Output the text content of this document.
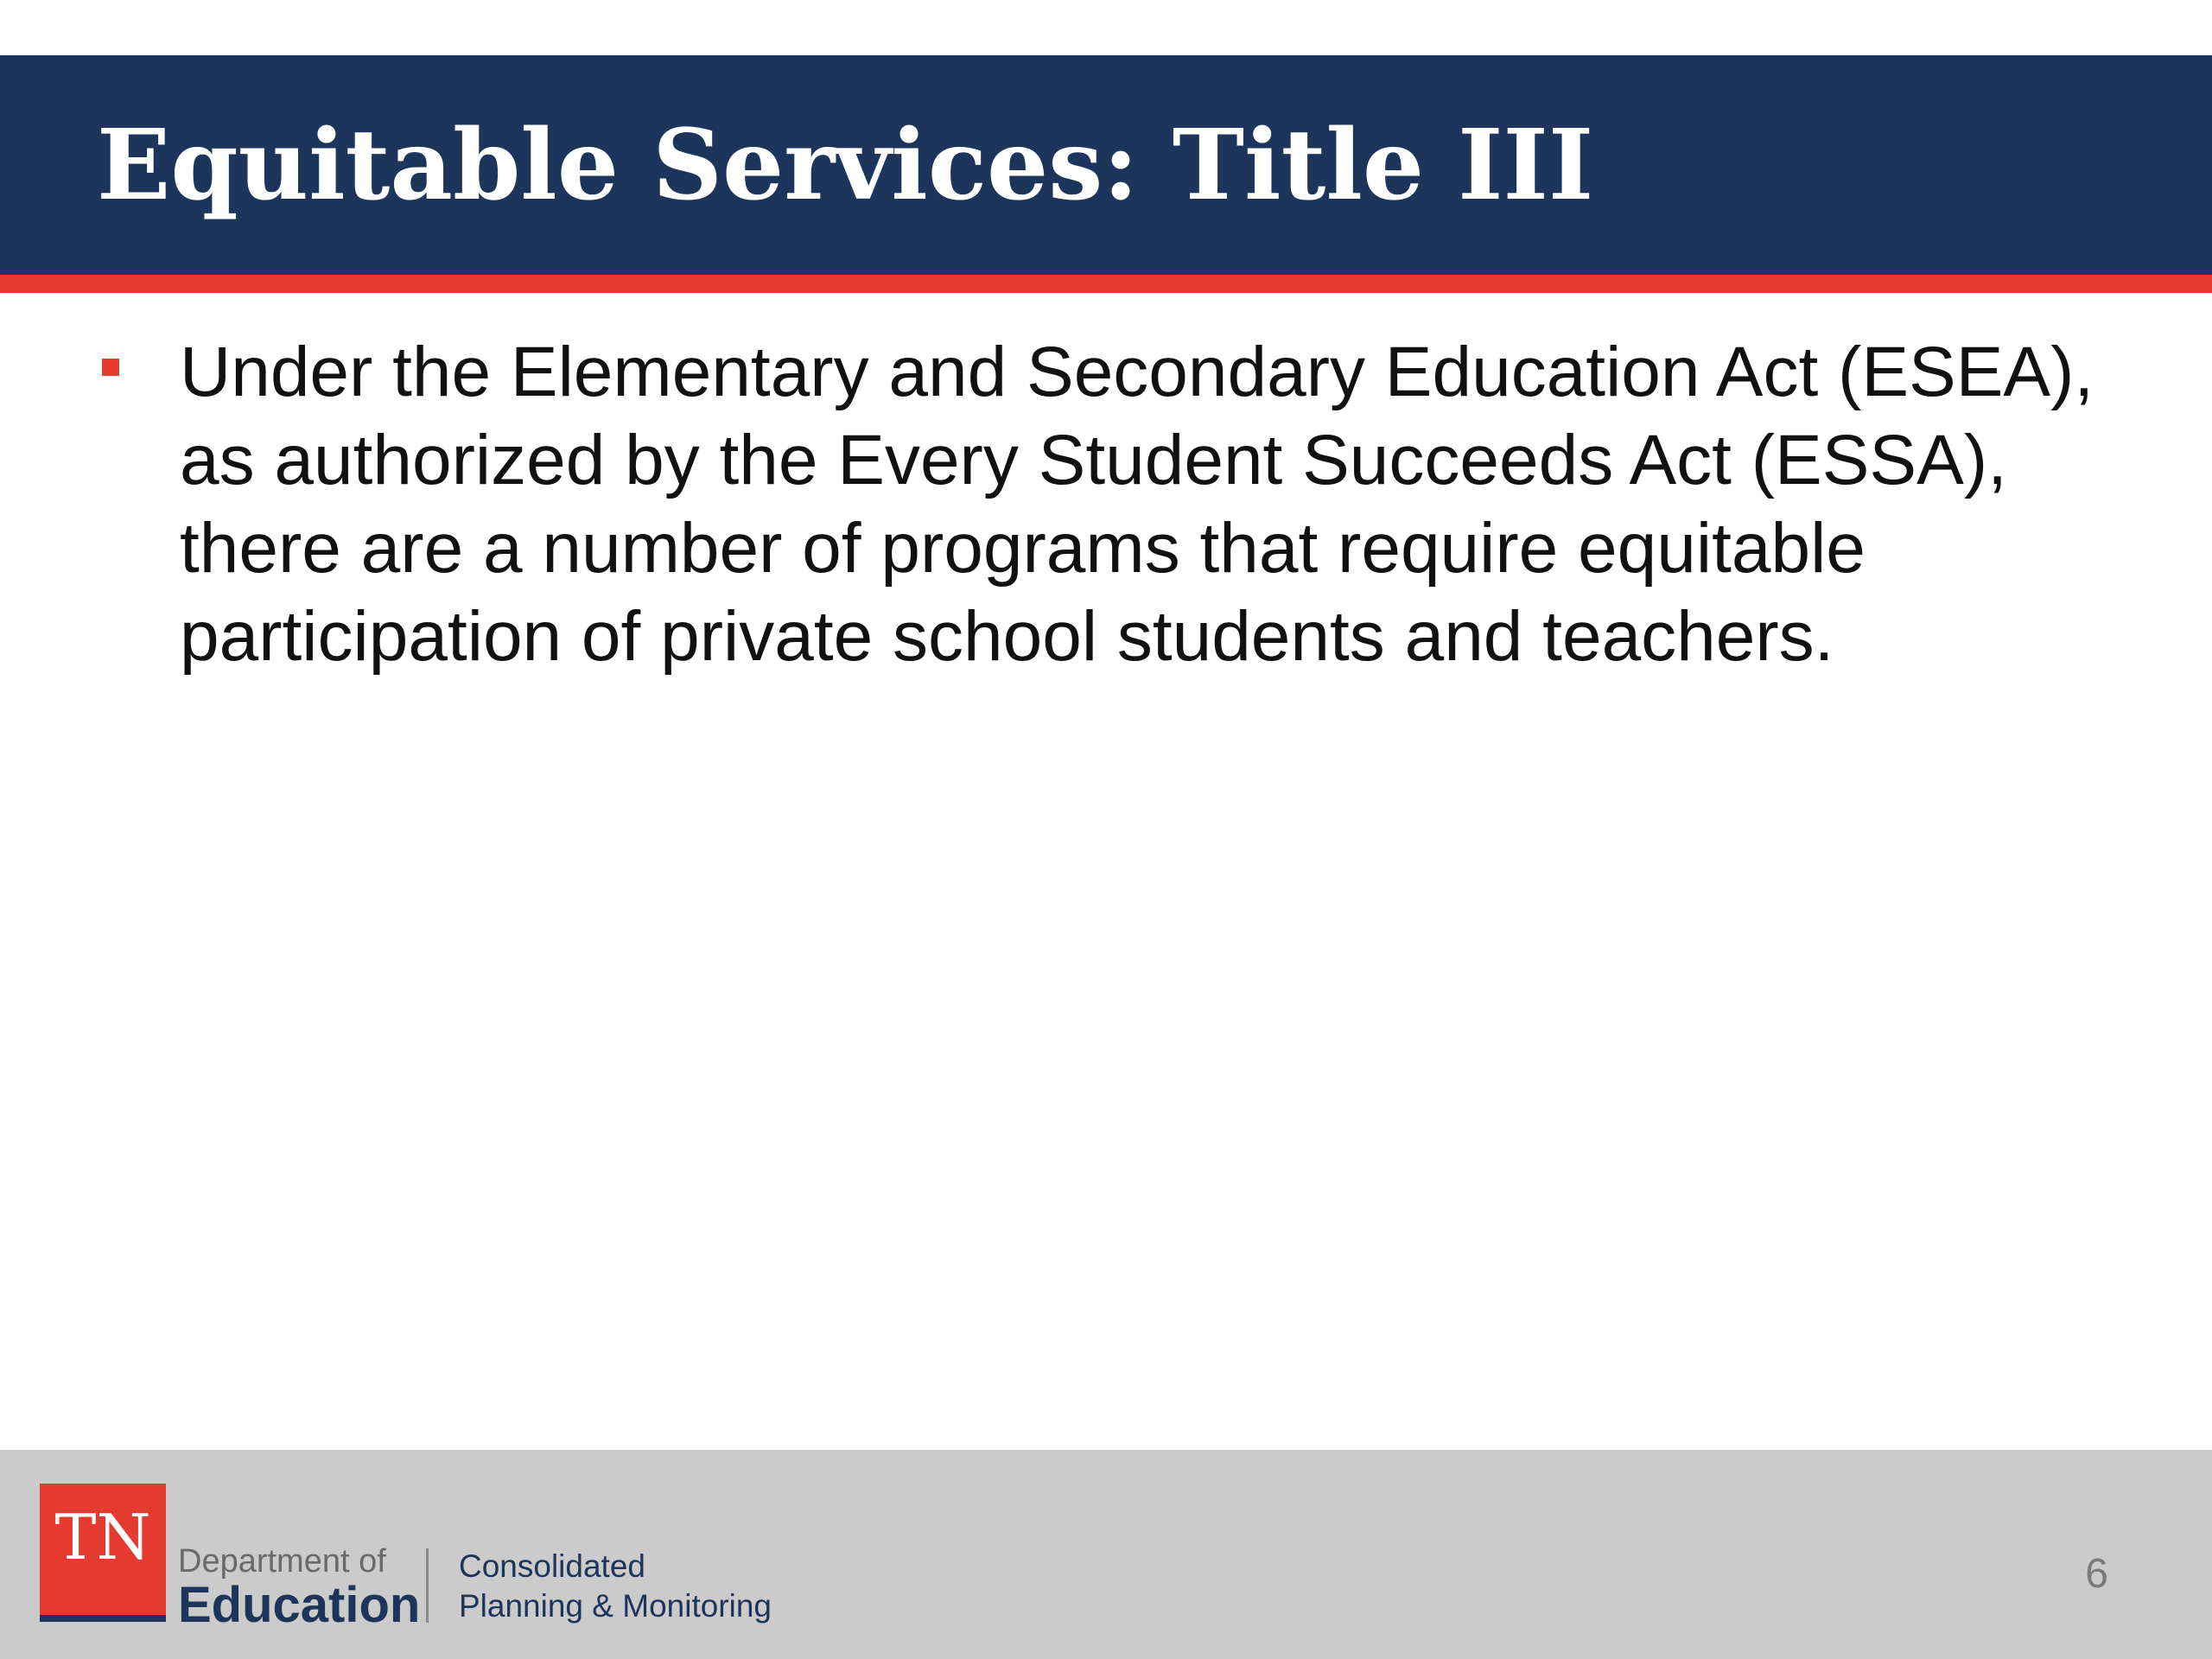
Equitable Services: Title III

Under the Elementary and Secondary Education Act (ESEA), as authorized by the Every Student Succeeds Act (ESSA), there are a number of programs that require equitable participation of private school students and teachers.

TN Department of
Education
Consolidated
Planning & Monitoring
6
